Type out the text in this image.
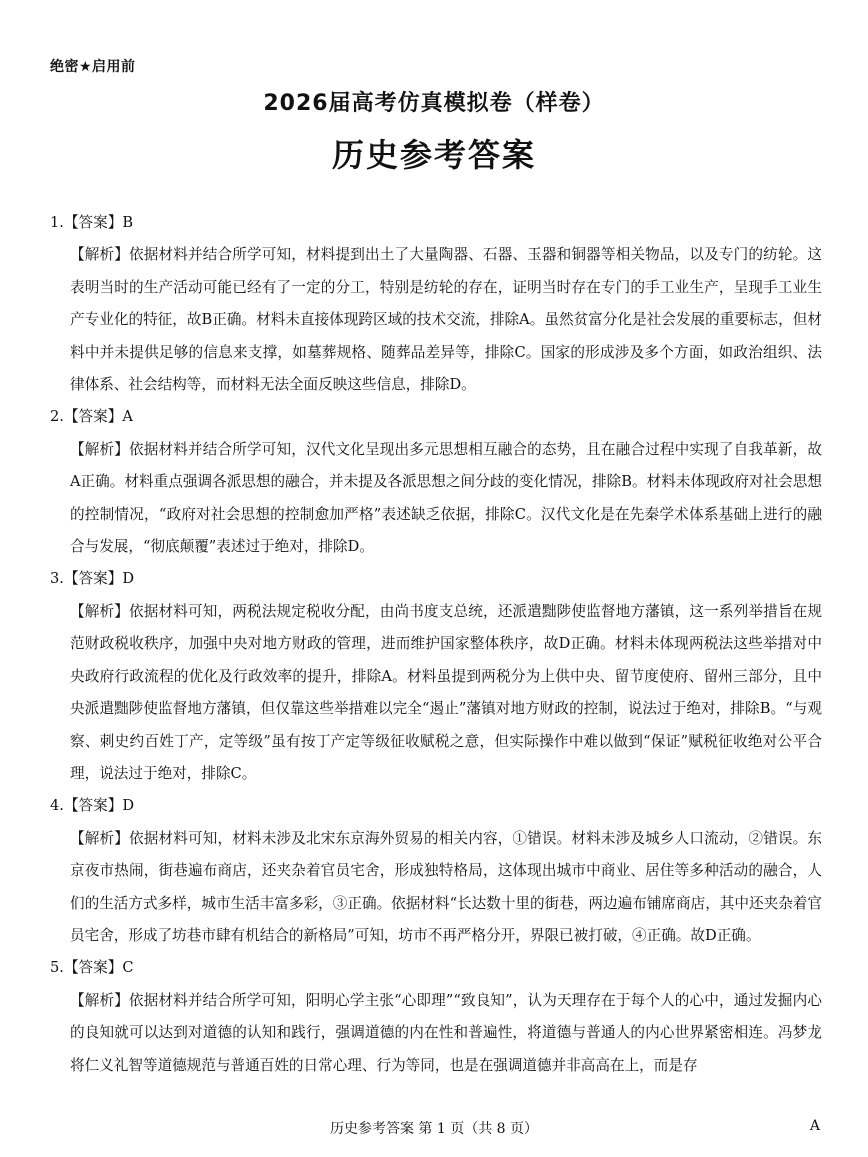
绝密★启用前
2026届高考仿真模拟卷（样卷）
历史参考答案
1.【答案】B
【解析】依据材料并结合所学可知，材料提到出土了大量陶器、石器、玉器和铜器等相关物品，以及专门的纺轮。这表明当时的生产活动可能已经有了一定的分工，特别是纺轮的存在，证明当时存在专门的手工业生产，呈现手工业生产专业化的特征，故B正确。材料未直接体现跨区域的技术交流，排除A。虽然贫富分化是社会发展的重要标志，但材料中并未提供足够的信息来支撑，如墓葬规格、随葬品差异等，排除C。国家的形成涉及多个方面，如政治组织、法律体系、社会结构等，而材料无法全面反映这些信息，排除D。
2.【答案】A
【解析】依据材料并结合所学可知，汉代文化呈现出多元思想相互融合的态势，且在融合过程中实现了自我革新，故A正确。材料重点强调各派思想的融合，并未提及各派思想之间分歧的变化情况，排除B。材料未体现政府对社会思想的控制情况，“政府对社会思想的控制愈加严格”表述缺乏依据，排除C。汉代文化是在先秦学术体系基础上进行的融合与发展，“彻底颠覆”表述过于绝对，排除D。
3.【答案】D
【解析】依据材料可知，两税法规定税收分配，由尚书度支总统，还派遣黜陟使监督地方藩镇，这一系列举措旨在规范财政税收秩序，加强中央对地方财政的管理，进而维护国家整体秩序，故D正确。材料未体现两税法这些举措对中央政府行政流程的优化及行政效率的提升，排除A。材料虽提到两税分为上供中央、留节度使府、留州三部分，且中央派遣黜陟使监督地方藩镇，但仅靠这些举措难以完全“遏止”藩镇对地方财政的控制，说法过于绝对，排除B。“与观察、刺史约百姓丁产，定等级”虽有按丁产定等级征收赋税之意，但实际操作中难以做到“保证”赋税征收绝对公平合理，说法过于绝对，排除C。
4.【答案】D
【解析】依据材料可知，材料未涉及北宋东京海外贸易的相关内容，①错误。材料未涉及城乡人口流动，②错误。东京夜市热闹，街巷遍布商店，还夹杂着官员宅舍，形成独特格局，这体现出城市中商业、居住等多种活动的融合，人们的生活方式多样，城市生活丰富多彩，③正确。依据材料“长达数十里的街巷，两边遍布铺席商店，其中还夹杂着官员宅舍，形成了坊巷市肆有机结合的新格局”可知，坊市不再严格分开，界限已被打破，④正确。故D正确。
5.【答案】C
【解析】依据材料并结合所学可知，阳明心学主张“心即理”“致良知”，认为天理存在于每个人的心中，通过发掘内心的良知就可以达到对道德的认知和践行，强调道德的内在性和普遍性，将道德与普通人的内心世界紧密相连。冯梦龙将仁义礼智等道德规范与普通百姓的日常心理、行为等同，也是在强调道德并非高高在上，而是存
历史参考答案 第 1 页（共 8 页）	A
